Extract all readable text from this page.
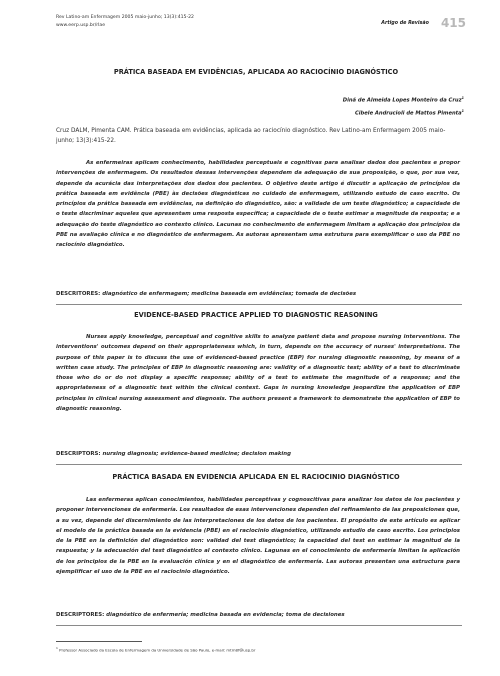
Rev Latino-am Enfermagem 2005 maio-junho; 13(3):415-22
www.eerp.usp.br/rlae	Artigo de Revisão 415
PRÁTICA BASEADA EM EVIDÊNCIAS, APLICADA AO RACIOCÍNIO DIAGNÓSTICO
Diná de Almeida Lopes Monteiro da Cruz$^1$
Cibele Andrucioli de Mattos Pimenta$^1$
Cruz DALM, Pimenta CAM. Prática baseada em evidências, aplicada ao raciocínio diagnóstico. Rev Latino-am Enfermagem 2005 maio-junho; 13(3):415-22.

As enfermeiras aplicam conhecimento, habilidades perceptuais e cognitivas para analisar dados dos pacientes e propor intervenções de enfermagem. Os resultados dessas intervenções dependem da adequação de sua proposição, o que, por sua vez, depende da acurácia das interpretações dos dados dos pacientes. O objetivo deste artigo é discutir a aplicação de princípios da prática baseada em evidência (PBE) às decisões diagnósticas no cuidado de enfermagem, utilizando estudo de caso escrito. Os princípios da prática baseada em evidências, na definição do diagnóstico, são: a validade de um teste diagnóstico; a capacidade de o teste discriminar aqueles que apresentam uma resposta específica; a capacidade de o teste estimar a magnitude da resposta; e a adequação do teste diagnóstico ao contexto clínico. Lacunas no conhecimento de enfermagem limitam a aplicação dos princípios da PBE na avaliação clínica e no diagnóstico de enfermagem. As autoras apresentam uma estrutura para exemplificar o uso da PBE no raciocínio diagnóstico.

DESCRITORES: diagnóstico de enfermagem; medicina baseada em evidências; tomada de decisões
EVIDENCE-BASED PRACTICE APPLIED TO DIAGNOSTIC REASONING

Nurses apply knowledge, perceptual and cognitive skills to analyze patient data and propose nursing interventions. The interventions' outcomes depend on their appropriateness which, in turn, depends on the accuracy of nurses' interpretations. The purpose of this paper is to discuss the use of evidenced-based practice (EBP) for nursing diagnostic reasoning, by means of a written case study. The principles of EBP in diagnostic reasoning are: validity of a diagnostic test; ability of a test to discriminate those who do or do not display a specific response; ability of a test to estimate the magnitude of a response; and the appropriateness of a diagnostic test within the clinical context. Gaps in nursing knowledge jeopardize the application of EBP principles in clinical nursing assessment and diagnosis. The authors present a framework to demonstrate the application of EBP to diagnostic reasoning.

DESCRIPTORS: nursing diagnosis; evidence-based medicine; decision making
PRÁCTICA BASADA EN EVIDENCIA APLICADA EN EL RACIOCINIO DIAGNÓSTICO

Las enfermeras aplican conocimientos, habilidades perceptivas y cognoscitivas para analizar los datos de los pacientes y proponer intervenciones de enfermería. Los resultados de esas intervenciones dependen del refinamiento de las preposiciones que, a su vez, depende del discernimiento de las interpretaciones de los datos de los pacientes. El propósito de este artículo es aplicar el modelo de la práctica basada en la evidencia (PBE) en el raciocinio diagnóstico, utilizando estudio de caso escrito. Los principios de la PBE en la definición del diagnóstico son: validad del test diagnóstico; la capacidad del test en estimar la magnitud de la respuesta; y la adecuación del test diagnóstico al contexto clínico. Lagunas en el conocimiento de enfermería limitan la aplicación de los principios de la PBE en la evaluación clínica y en el diagnóstico de enfermería. Las autoras presentan una estructura para ejemplificar el uso de la PBE en el raciocinio diagnóstico.

DESCRIPTORES: diagnóstico de enfermería; medicina basada en evidencia; toma de decisiones
$^1$ Professor Associado da Escola de Enfermagem da Universidade de São Paulo, e-mail: mtm8f@usp.br
